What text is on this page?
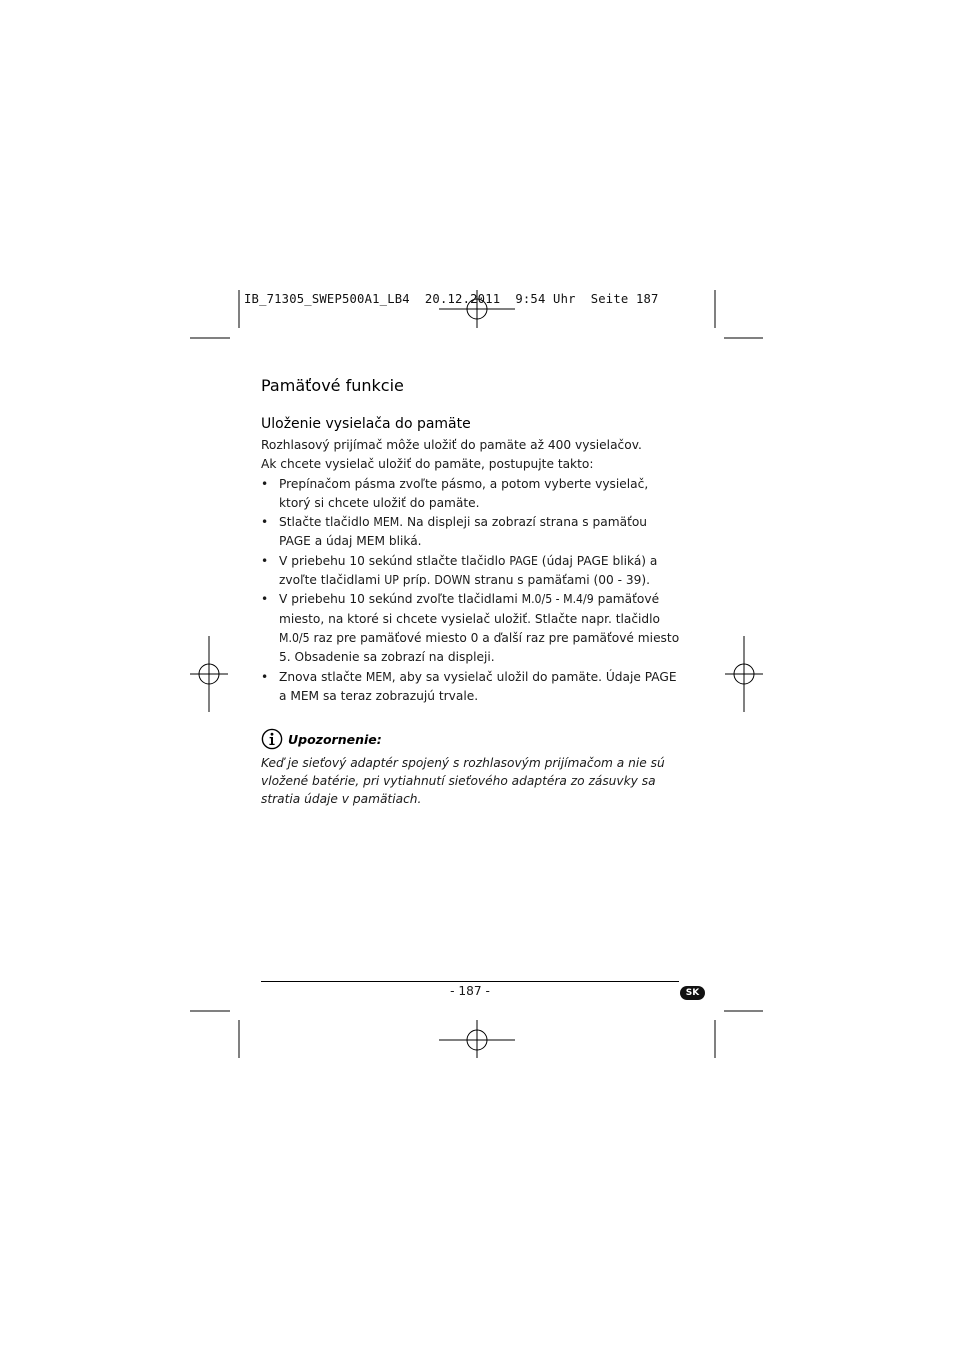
IB_71305_SWEP500A1_LB4  20.12.2011  9:54 Uhr  Seite 187
Pamäťové funkcie
Uloženie vysielača do pamäte

Rozhlasový prijímač môže uložiť do pamäte až 400 vysielačov.

Ak chcete vysielač uložiť do pamäte, postupujte takto:

• Prepínačom pásma zvoľte pásmo, a potom vyberte vysielač, ktorý si chcete uložiť do pamäte.
• Stlačte tlačidlo MEM. Na displeji sa zobrazí strana s pamäťou PAGE a údaj MEM bliká.
• V priebehu 10 sekúnd stlačte tlačidlo PAGE (údaj PAGE bliká) a zvoľte tlačidlami UP príp. DOWN stranu s pamäťami (00 - 39).
• V priebehu 10 sekúnd zvoľte tlačidlami M.0/5 - M.4/9 pamäťové miesto, na ktoré si chcete vysielač uložiť. Stlačte napr. tlačidlo M.0/5 raz pre pamäťové miesto 0 a ďalší raz pre pamäťové miesto 5. Obsadenie sa zobrazí na displeji.
• Znova stlačte MEM, aby sa vysielač uložil do pamäte. Údaje PAGE a MEM sa teraz zobrazujú trvale.
Upozornenie:

Keď je sieťový adaptér spojený s rozhlasovým prijímačom a nie sú vložené batérie, pri vytiahnutí sieťového adaptéra zo zásuvky sa stratia údaje v pamätiach.

- 187 -	SK
